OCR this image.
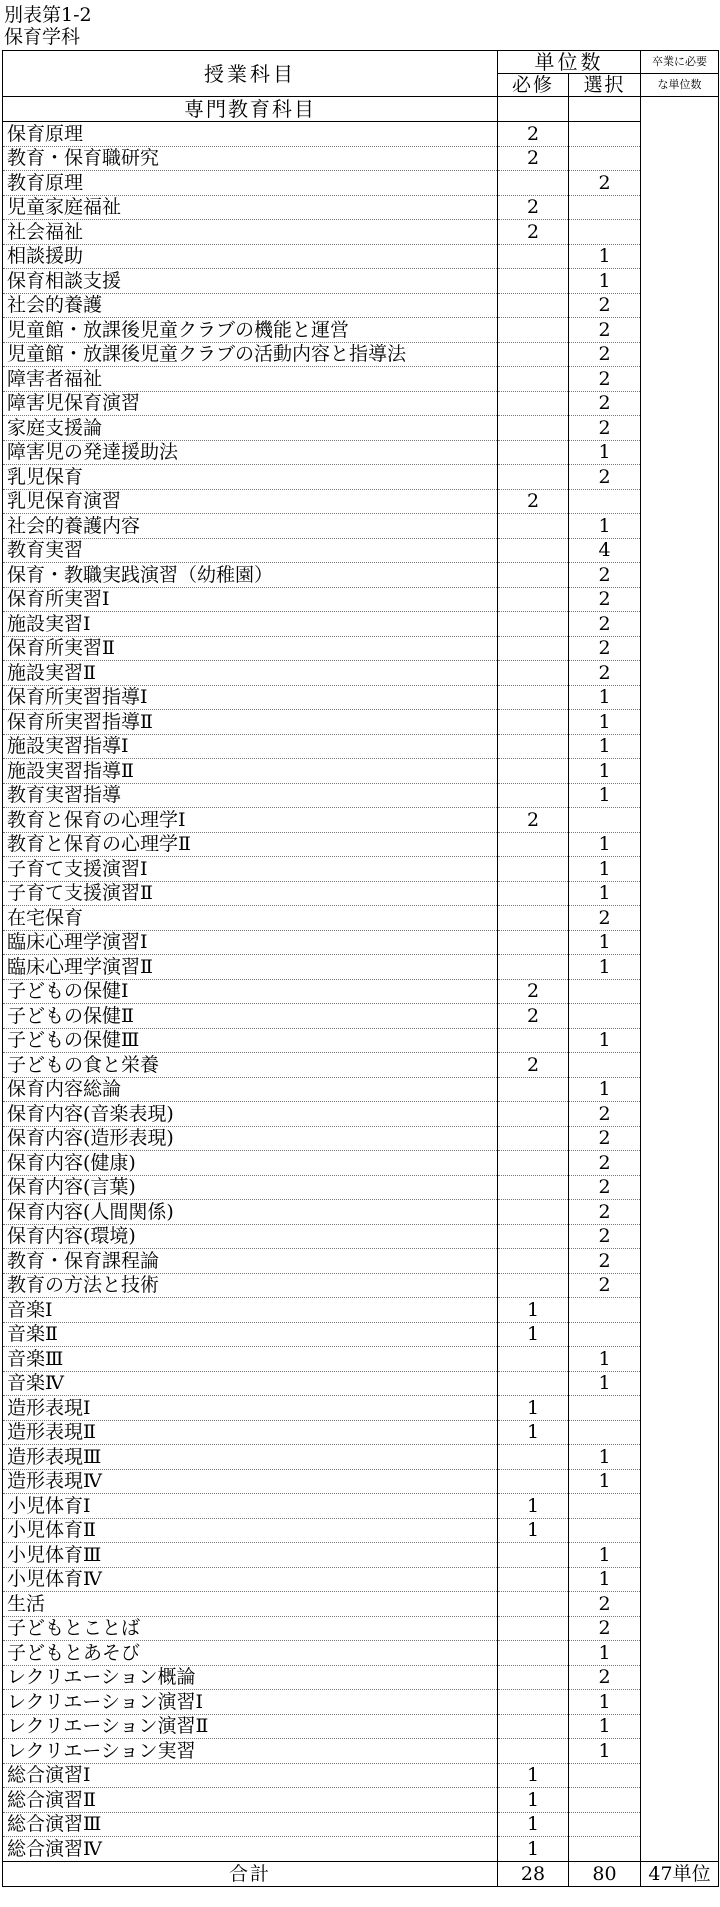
別表第1-2
保育学科
授業科目	単位数		卒業に必要
	必修	選択	な単位数
専門教育科目			
保育原理	2		
教育・保育職研究	2		
教育原理		2	
児童家庭福祉	2		
社会福祉	2		
相談援助		1	
保育相談支援		1	
社会的養護		2	
児童館・放課後児童クラブの機能と運営		2	
児童館・放課後児童クラブの活動内容と指導法		2	
障害者福祉		2	
障害児保育演習		2	
家庭支援論		2	
障害児の発達援助法		1	
乳児保育		2	
乳児保育演習	2		
社会的養護内容		1	
教育実習		4	
保育・教職実践演習（幼稚園）		2	
保育所実習Ⅰ		2	
施設実習Ⅰ		2	
保育所実習Ⅱ		2	
施設実習Ⅱ		2	
保育所実習指導Ⅰ		1	
保育所実習指導Ⅱ		1	
施設実習指導Ⅰ		1	
施設実習指導Ⅱ		1	
教育実習指導		1	
教育と保育の心理学Ⅰ	2		
教育と保育の心理学Ⅱ		1	
子育て支援演習Ⅰ		1	
子育て支援演習Ⅱ		1	
在宅保育		2	
臨床心理学演習Ⅰ		1	
臨床心理学演習Ⅱ		1	
子どもの保健Ⅰ	2		
子どもの保健Ⅱ	2		
子どもの保健Ⅲ		1	
子どもの食と栄養	2		
保育内容総論		1	
保育内容(音楽表現)		2	
保育内容(造形表現)		2	
保育内容(健康)		2	
保育内容(言葉)		2	
保育内容(人間関係)		2	
保育内容(環境)		2	
教育・保育課程論		2	
教育の方法と技術		2	
音楽Ⅰ	1		
音楽Ⅱ	1		
音楽Ⅲ		1	
音楽Ⅳ		1	
造形表現Ⅰ	1		
造形表現Ⅱ	1		
造形表現Ⅲ		1	
造形表現Ⅳ		1	
小児体育Ⅰ	1		
小児体育Ⅱ	1		
小児体育Ⅲ		1	
小児体育Ⅳ		1	
生活		2	
子どもとことば		2	
子どもとあそび		1	
レクリエーション概論		2	
レクリエーション演習Ⅰ		1	
レクリエーション演習Ⅱ		1	
レクリエーション実習		1	
総合演習Ⅰ	1		
総合演習Ⅱ	1		
総合演習Ⅲ	1		
総合演習Ⅳ	1		
合計	28	80	47単位
